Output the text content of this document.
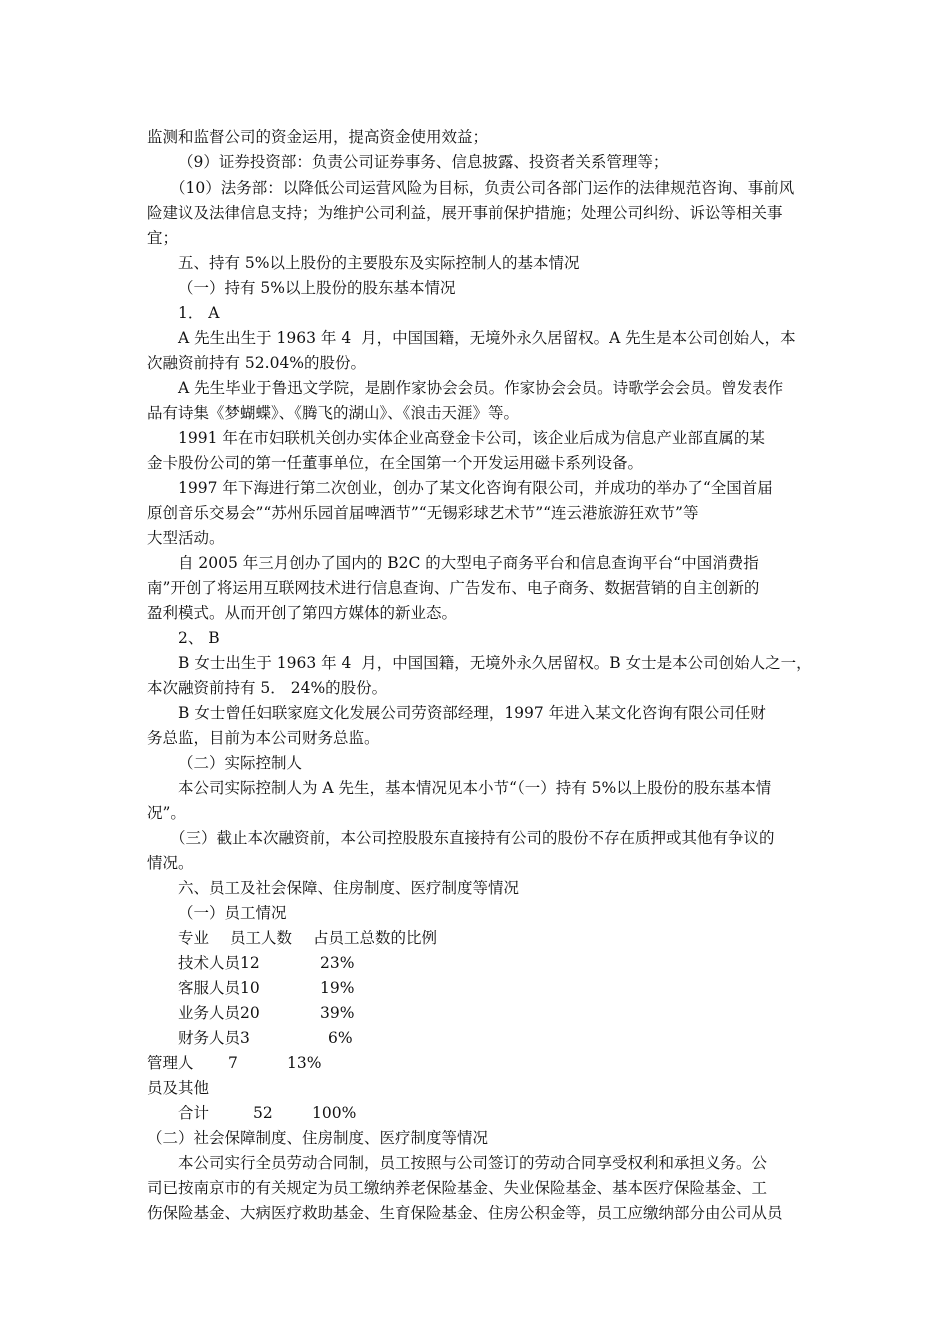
监测和监督公司的资金运用，提高资金使用效益；
（9）证券投资部：负责公司证券事务、信息披露、投资者关系管理等；
（10）法务部：以降低公司运营风险为目标，负责公司各部门运作的法律规范咨询、事前风
险建议及法律信息支持；为维护公司利益，展开事前保护措施；处理公司纠纷、诉讼等相关事
宜；
五、持有 5%以上股份的主要股东及实际控制人的基本情况
（一）持有 5%以上股份的股东基本情况
1． A
A 先生出生于 1963 年 4  月，中国国籍，无境外永久居留权。A 先生是本公司创始人，本
次融资前持有 52.04%的股份。
A 先生毕业于鲁迅文学院，是剧作家协会会员。作家协会会员。诗歌学会会员。曾发表作
品有诗集《梦蝴蝶》、《腾飞的湖山》、《浪击天涯》等。
1991 年在市妇联机关创办实体企业高登金卡公司，该企业后成为信息产业部直属的某
金卡股份公司的第一任董事单位，在全国第一个开发运用磁卡系列设备。
1997 年下海进行第二次创业，创办了某文化咨询有限公司，并成功的举办了“全国首届
原创音乐交易会”“苏州乐园首届啤酒节”“无锡彩球艺术节”“连云港旅游狂欢节”等
大型活动。
自 2005 年三月创办了国内的 B2C 的大型电子商务平台和信息查询平台“中国消费指
南”开创了将运用互联网技术进行信息查询、广告发布、电子商务、数据营销的自主创新的
盈利模式。从而开创了第四方媒体的新业态。
2、 B
B 女士出生于 1963 年 4  月，中国国籍，无境外永久居留权。B 女士是本公司创始人之一，
本次融资前持有 5． 24%的股份。
B 女士曾任妇联家庭文化发展公司劳资部经理，1997 年进入某文化咨询有限公司任财
务总监，目前为本公司财务总监。
（二）实际控制人
本公司实际控制人为 A 先生，基本情况见本小节“（一）持有 5%以上股份的股东基本情
况”。
（三）截止本次融资前，本公司控股股东直接持有公司的股份不存在质押或其他有争议的
情况。
六、员工及社会保障、住房制度、医疗制度等情况
（一）员工情况
专业 员工人数 占员工总数的比例
技术人员 12	23%
客服人员 10	19%
业务人员 20	39%
财务人员 3	6%
管理人 7	13%
员及其他
合计	52	100%
（二）社会保障制度、住房制度、医疗制度等情况
本公司实行全员劳动合同制，员工按照与公司签订的劳动合同享受权利和承担义务。公
司已按南京市的有关规定为员工缴纳养老保险基金、失业保险基金、基本医疗保险基金、工
伤保险基金、大病医疗救助基金、生育保险基金、住房公积金等，员工应缴纳部分由公司从员
